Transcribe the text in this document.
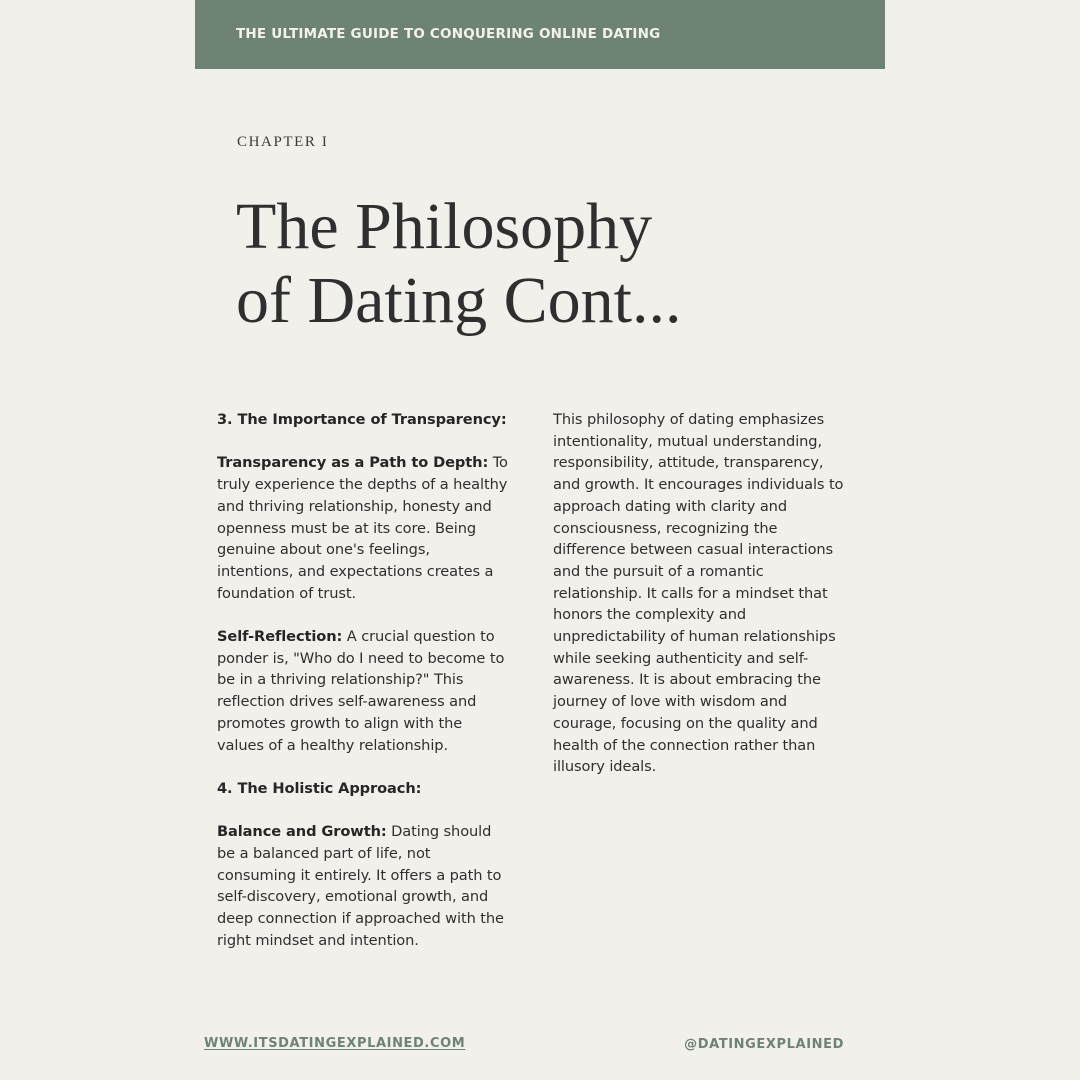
THE ULTIMATE GUIDE TO CONQUERING ONLINE DATING
CHAPTER I
The Philosophy
of Dating Cont...

3. The Importance of Transparency:

Transparency as a Path to Depth: To truly experience the depths of a healthy and thriving relationship, honesty and openness must be at its core. Being genuine about one's feelings, intentions, and expectations creates a foundation of trust.

Self-Reflection: A crucial question to ponder is, "Who do I need to become to be in a thriving relationship?" This reflection drives self-awareness and promotes growth to align with the values of a healthy relationship.

4. The Holistic Approach:

Balance and Growth: Dating should be a balanced part of life, not consuming it entirely. It offers a path to self-discovery, emotional growth, and deep connection if approached with the right mindset and intention.

This philosophy of dating emphasizes intentionality, mutual understanding, responsibility, attitude, transparency, and growth. It encourages individuals to approach dating with clarity and consciousness, recognizing the difference between casual interactions and the pursuit of a romantic relationship. It calls for a mindset that honors the complexity and unpredictability of human relationships while seeking authenticity and self-awareness. It is about embracing the journey of love with wisdom and courage, focusing on the quality and health of the connection rather than illusory ideals.

WWW.ITSDATINGEXPLAINED.COM	@DATINGEXPLAINED
